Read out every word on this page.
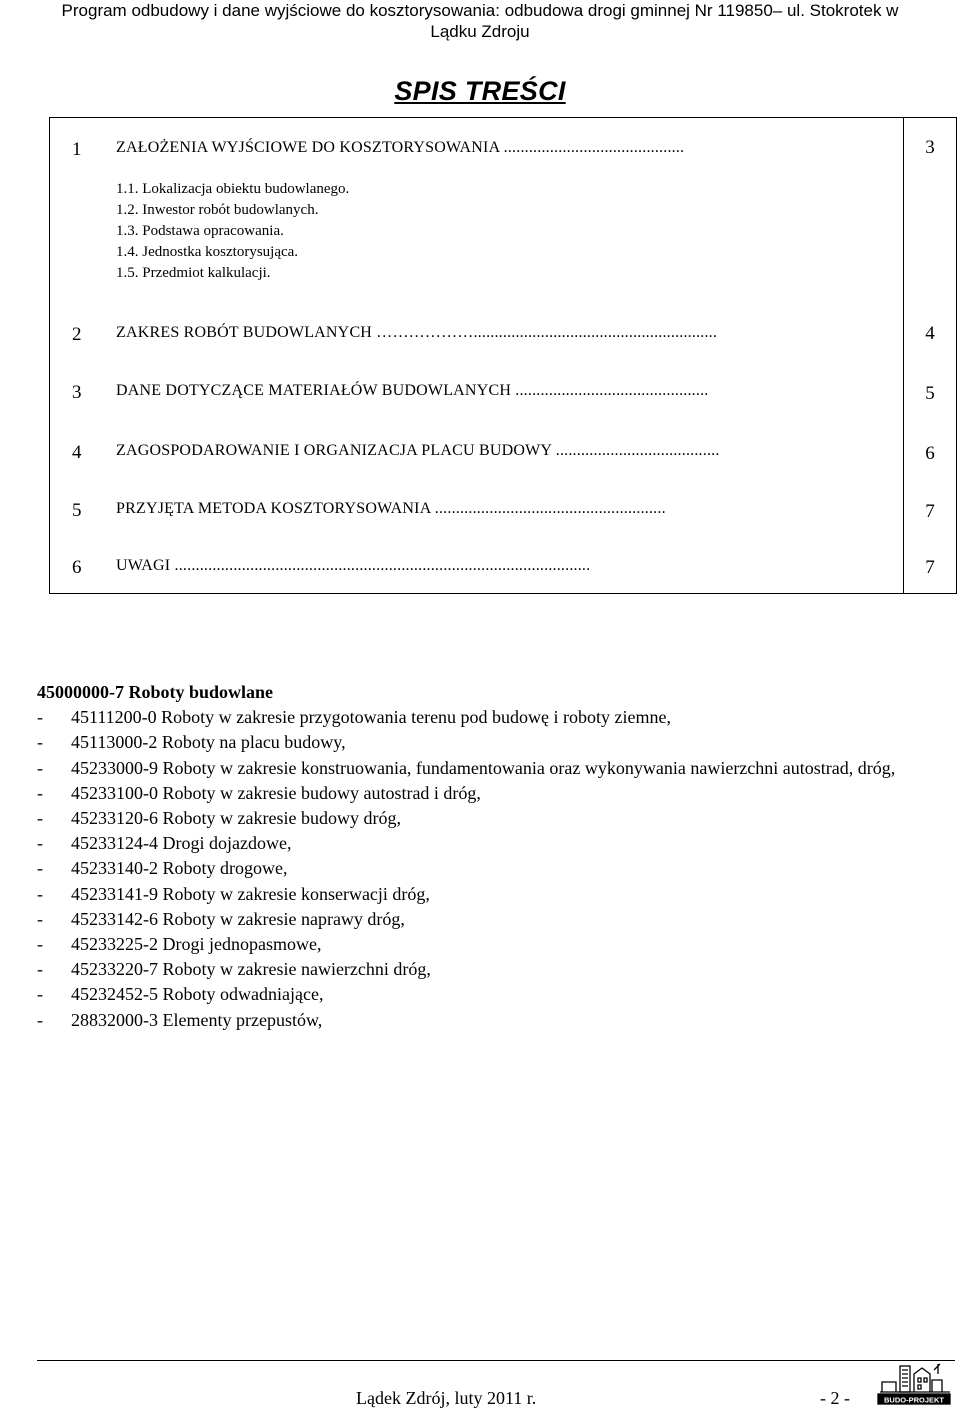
Program odbudowy i dane wyjściowe do kosztorysowania: odbudowa drogi gminnej Nr 119850– ul. Stokrotek w
Lądku Zdroju
SPIS TREŚCI
1 ZAŁOŻENIA WYJŚCIOWE DO KOSZTORYSOWANIA ...........................................	3
1.1. Lokalizacja obiektu budowlanego.
1.2. Inwestor robót budowlanych.
1.3. Podstawa opracowania.
1.4. Jednostka kosztorysująca.
1.5. Przedmiot kalkulacji.
2 ZAKRES ROBÓT BUDOWLANYCH ………………..........................................................	4
3 DANE DOTYCZĄCE MATERIAŁÓW BUDOWLANYCH ..............................................	5
4 ZAGOSPODAROWANIE I ORGANIZACJA PLACU BUDOWY .......................................	6
5 PRZYJĘTA METODA KOSZTORYSOWANIA .......................................................	7
6 UWAGI ...................................................................................................	7
45000000-7 Roboty budowlane
- 45111200-0 Roboty w zakresie przygotowania terenu pod budowę i roboty ziemne,
- 45113000-2 Roboty na placu budowy,
- 45233000-9 Roboty w zakresie konstruowania, fundamentowania oraz wykonywania nawierzchni autostrad, dróg,
- 45233100-0 Roboty w zakresie budowy autostrad i dróg,
- 45233120-6 Roboty w zakresie budowy dróg,
- 45233124-4 Drogi dojazdowe,
- 45233140-2 Roboty drogowe,
- 45233141-9 Roboty w zakresie konserwacji dróg,
- 45233142-6 Roboty w zakresie naprawy dróg,
- 45233225-2 Drogi jednopasmowe,
- 45233220-7 Roboty w zakresie nawierzchni dróg,
- 45232452-5 Roboty odwadniające,
- 28832000-3 Elementy przepustów,
Lądek Zdrój, luty 2011 r.	- 2 -	BUDO-PROJEKT
